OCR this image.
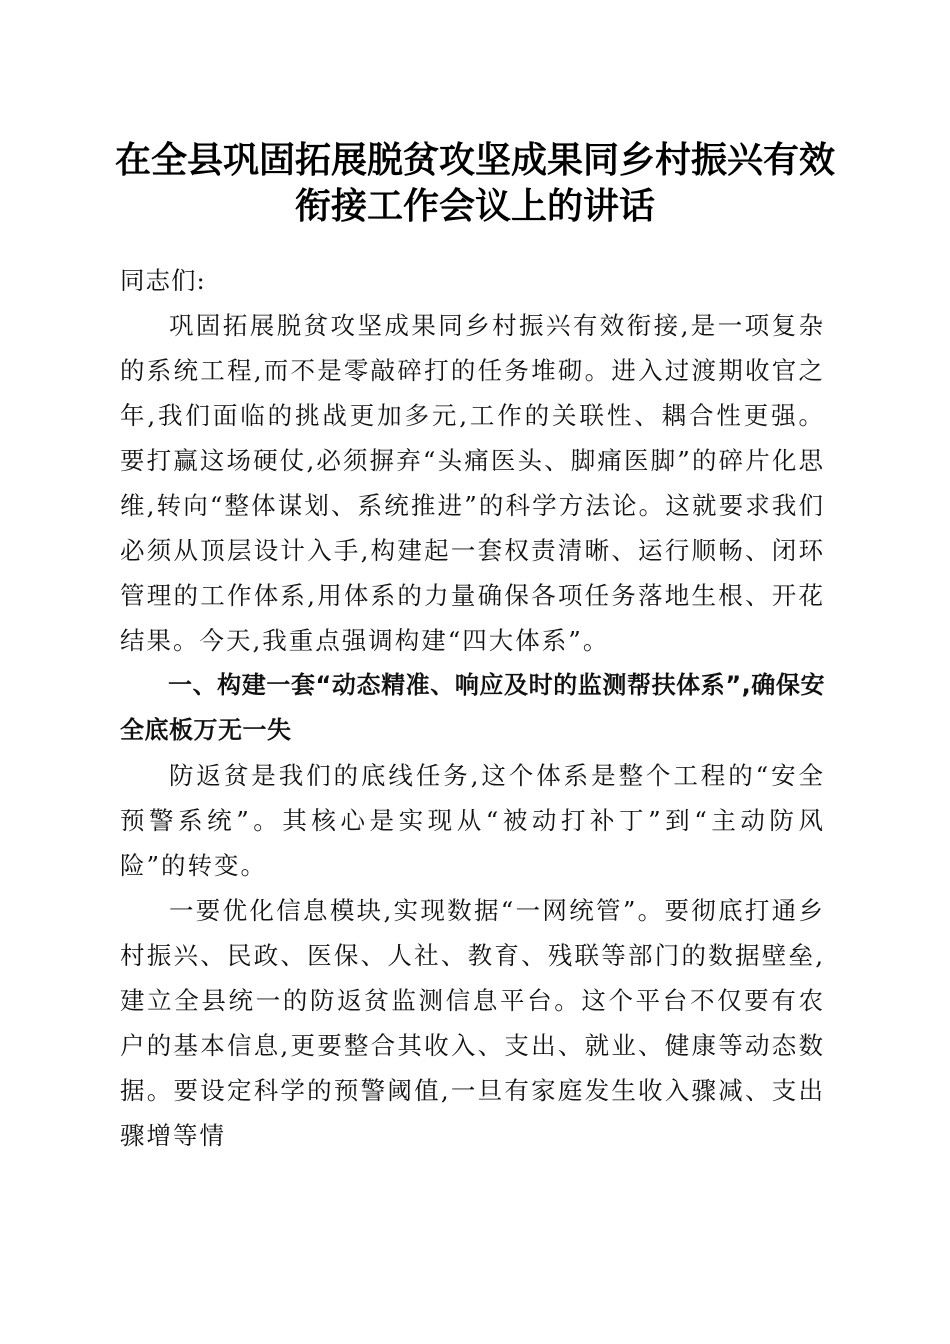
在全县巩固拓展脱贫攻坚成果同乡村振兴有效
衔接工作会议上的讲话

同志们:

巩固拓展脱贫攻坚成果同乡村振兴有效衔接,是一项复杂的系统工程,而不是零敲碎打的任务堆砌。进入过渡期收官之年,我们面临的挑战更加多元,工作的关联性、耦合性更强。要打赢这场硬仗,必须摒弃“头痛医头、脚痛医脚”的碎片化思维,转向“整体谋划、系统推进”的科学方法论。这就要求我们必须从顶层设计入手,构建起一套权责清晰、运行顺畅、闭环管理的工作体系,用体系的力量确保各项任务落地生根、开花结果。今天,我重点强调构建“四大体系”。

一、构建一套“动态精准、响应及时的监测帮扶体系”,确保安全底板万无一失

防返贫是我们的底线任务,这个体系是整个工程的“安全预警系统”。其核心是实现从“被动打补丁”到“主动防风险”的转变。

一要优化信息模块,实现数据“一网统管”。要彻底打通乡村振兴、民政、医保、人社、教育、残联等部门的数据壁垒,建立全县统一的防返贫监测信息平台。这个平台不仅要有农户的基本信息,更要整合其收入、支出、就业、健康等动态数据。要设定科学的预警阈值,一旦有家庭发生收入骤减、支出骤增等情
